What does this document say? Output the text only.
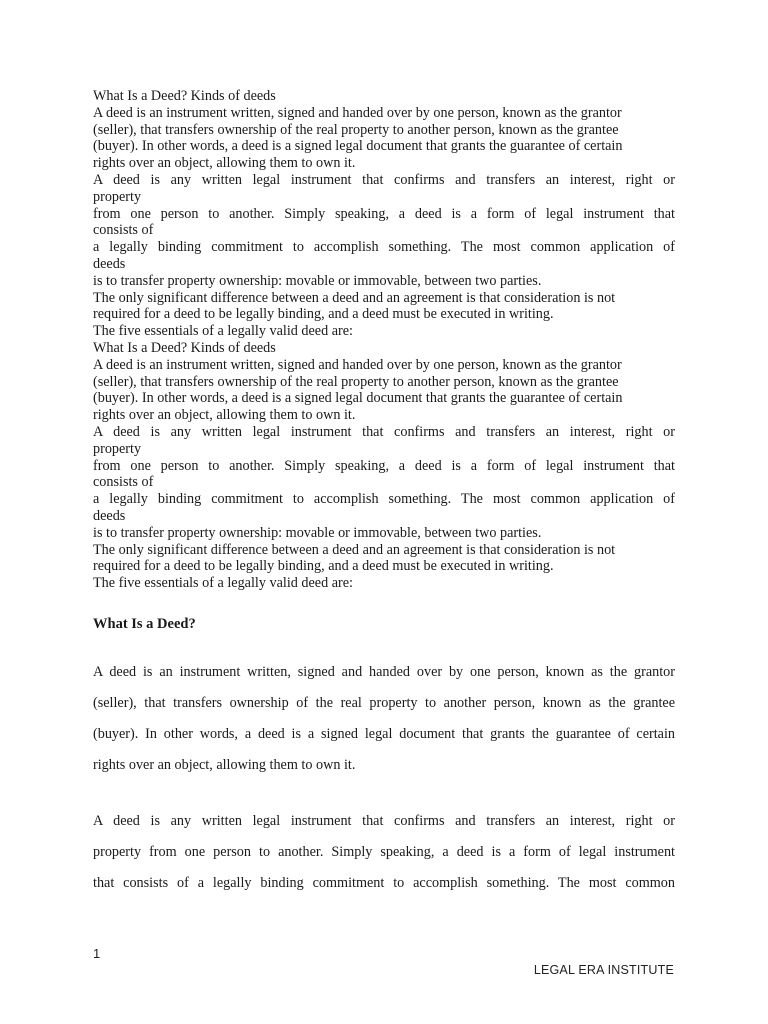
What Is a Deed? Kinds of deeds

A deed is an instrument written, signed and handed over by one person, known as the grantor

(seller), that transfers ownership of the real property to another person, known as the grantee

(buyer). In other words, a deed is a signed legal document that grants the guarantee of certain

rights over an object, allowing them to own it.

A deed is any written legal instrument that confirms and transfers an interest, right or

property

from one person to another. Simply speaking, a deed is a form of legal instrument that

consists of

a legally binding commitment to accomplish something. The most common application of

deeds

is to transfer property ownership: movable or immovable, between two parties.

The only significant difference between a deed and an agreement is that consideration is not

required for a deed to be legally binding, and a deed must be executed in writing.

The five essentials of a legally valid deed are:

What Is a Deed? Kinds of deeds

A deed is an instrument written, signed and handed over by one person, known as the grantor

(seller), that transfers ownership of the real property to another person, known as the grantee

(buyer). In other words, a deed is a signed legal document that grants the guarantee of certain

rights over an object, allowing them to own it.

A deed is any written legal instrument that confirms and transfers an interest, right or

property

from one person to another. Simply speaking, a deed is a form of legal instrument that

consists of

a legally binding commitment to accomplish something. The most common application of

deeds

is to transfer property ownership: movable or immovable, between two parties.

The only significant difference between a deed and an agreement is that consideration is not

required for a deed to be legally binding, and a deed must be executed in writing.

The five essentials of a legally valid deed are:

What Is a Deed?

A deed is an instrument written, signed and handed over by one person, known as the grantor

(seller), that transfers ownership of the real property to another person, known as the grantee

(buyer). In other words, a deed is a signed legal document that grants the guarantee of certain

rights over an object, allowing them to own it.

A deed is any written legal instrument that confirms and transfers an interest, right or

property from one person to another. Simply speaking, a deed is a form of legal instrument

that consists of a legally binding commitment to accomplish something. The most common

1
LEGAL ERA INSTITUTE
